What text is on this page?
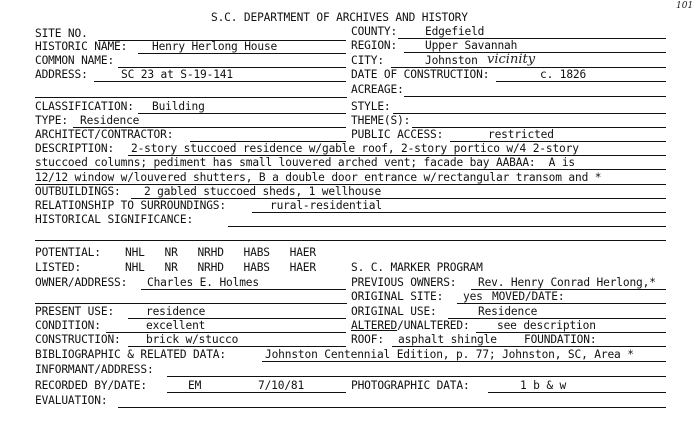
101
S.C. DEPARTMENT OF ARCHIVES AND HISTORY
SITE NO.	COUNTY: Edgefield
HISTORIC NAME: Henry Herlong House	REGION: Upper Savannah
COMMON NAME:	CITY:	Johnston vicinity
ADDRESS:	SC 23 at S-19-141	DATE OF CONSTRUCTION:	c. 1826
ACREAGE:
CLASSIFICATION: Building	STYLE:
TYPE: Residence	THEME(S):
ARCHITECT/CONTRACTOR:	PUBLIC ACCESS:	restricted
DESCRIPTION: 2-story stuccoed residence w/gable roof, 2-story portico w/4 2-story
stuccoed columns; pediment has small louvered arched vent; facade bay AABAA:  A is
12/12 window w/louvered shutters, B a double door entrance w/rectangular transom and *
OUTBUILDINGS: 2 gabled stuccoed sheds, 1 wellhouse
RELATIONSHIP TO SURROUNDINGS:	rural-residential
HISTORICAL SIGNIFICANCE:
POTENTIAL: NHL   NR   NRHD   HABS   HAER
LISTED:	NHL   NR   NRHD   HABS   HAER	S. C. MARKER PROGRAM
OWNER/ADDRESS: Charles E. Holmes	PREVIOUS OWNERS: Rev. Henry Conrad Herlong,*
ORIGINAL SITE: yes MOVED/DATE:
PRESENT USE:	residence	ORIGINAL USE:	Residence
CONDITION:	excellent	ALTERED/UNALTERED: see description
CONSTRUCTION: brick w/stucco	ROOF: asphalt shingle FOUNDATION:
BIBLIOGRAPHIC & RELATED DATA:	Johnston Centennial Edition, p. 77; Johnston, SC, Area *
INFORMANT/ADDRESS:
RECORDED BY/DATE:	EM	7/10/81	PHOTOGRAPHIC DATA:	1 b & w
EVALUATION:
